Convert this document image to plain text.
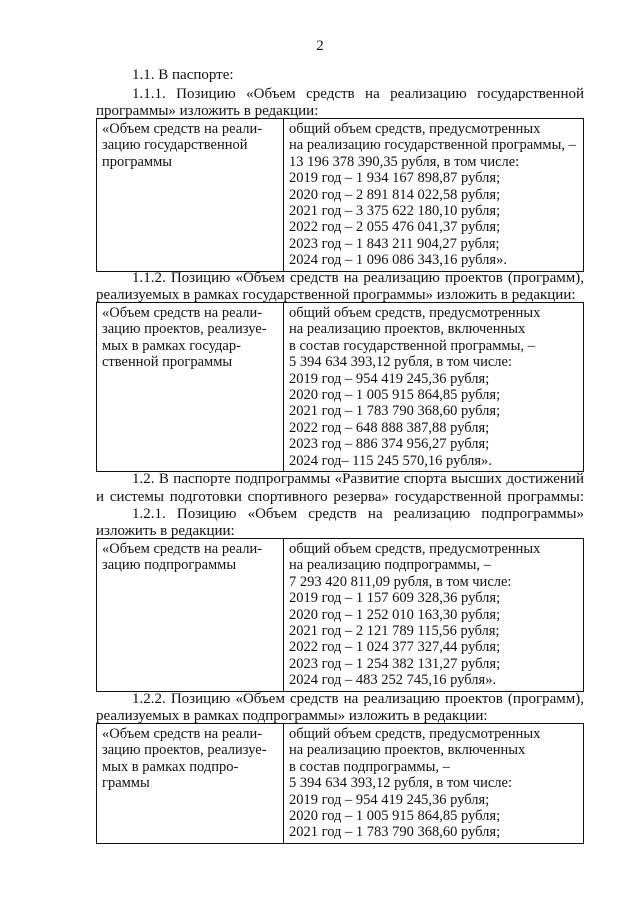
2
1.1. В паспорте:
1.1.1. Позицию «Объем средств на реализацию государственной
программы» изложить в редакции:
«Объем средств на реали-
зацию государственной
программы

общий объем средств, предусмотренных
на реализацию государственной программы, –
13 196 378 390,35 рубля, в том числе:
2019 год – 1 934 167 898,87 рубля;
2020 год – 2 891 814 022,58 рубля;
2021 год – 3 375 622 180,10 рубля;
2022 год – 2 055 476 041,37 рубля;
2023 год – 1 843 211 904,27 рубля;
2024 год – 1 096 086 343,16 рубля».
1.1.2. Позицию «Объем средств на реализацию проектов (программ),
реализуемых в рамках государственной программы» изложить в редакции:
«Объем средств на реали-
зацию проектов, реализуе-
мых в рамках государ-
ственной программы

общий объем средств, предусмотренных
на реализацию проектов, включенных
в состав государственной программы, –
5 394 634 393,12 рубля, в том числе:
2019 год – 954 419 245,36 рубля;
2020 год – 1 005 915 864,85 рубля;
2021 год – 1 783 790 368,60 рубля;
2022 год – 648 888 387,88 рубля;
2023 год – 886 374 956,27 рубля;
2024 год– 115 245 570,16 рубля».
1.2. В паспорте подпрограммы «Развитие спорта высших достижений
и системы подготовки спортивного резерва» государственной программы:
1.2.1. Позицию «Объем средств на реализацию подпрограммы»
изложить в редакции:
«Объем средств на реали-
зацию подпрограммы

общий объем средств, предусмотренных
на реализацию подпрограммы, –
7 293 420 811,09 рубля, в том числе:
2019 год – 1 157 609 328,36 рубля;
2020 год – 1 252 010 163,30 рубля;
2021 год – 2 121 789 115,56 рубля;
2022 год – 1 024 377 327,44 рубля;
2023 год – 1 254 382 131,27 рубля;
2024 год – 483 252 745,16 рубля».
1.2.2. Позицию «Объем средств на реализацию проектов (программ),
реализуемых в рамках подпрограммы» изложить в редакции:
«Объем средств на реали-
зацию проектов, реализуе-
мых в рамках подпро-
граммы

общий объем средств, предусмотренных
на реализацию проектов, включенных
в состав подпрограммы, –
5 394 634 393,12 рубля, в том числе:
2019 год – 954 419 245,36 рубля;
2020 год – 1 005 915 864,85 рубля;
2021 год – 1 783 790 368,60 рубля;
